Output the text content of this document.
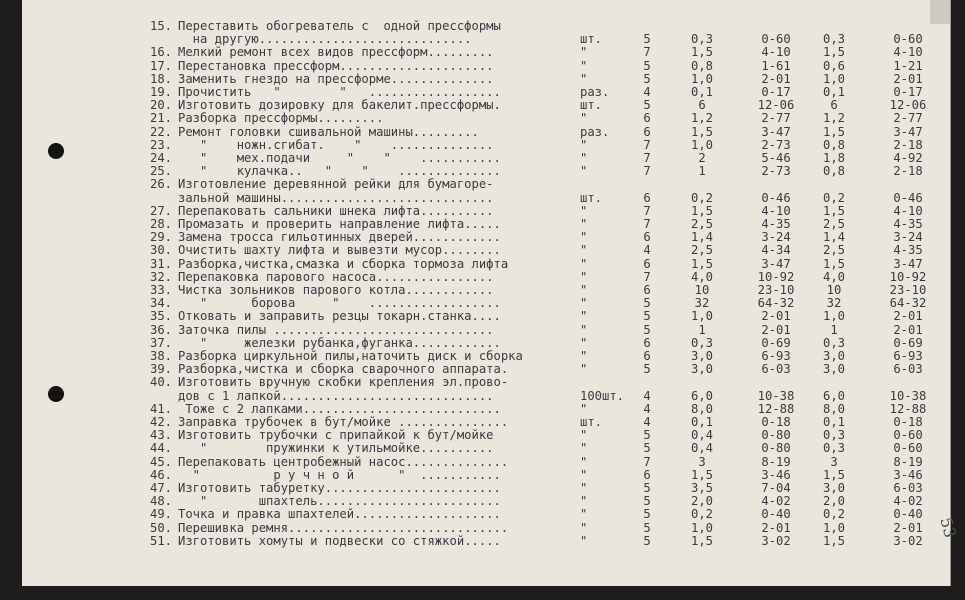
15. Переставить обогреватель с  одной прессформы
на другую.............................	шт.	5	0,3	0-60	0,3	0-60
16. Мелкий ремонт всех видов прессформ.........	"	7	1,5	4-10	1,5	4-10
17. Перестановка прессформ.....................	"	5	0,8	1-61	0,6	1-21
18. Заменить гнездо на прессформе..............	"	5	1,0	2-01	1,0	2-01
19. Прочистить   "        "   ..................	раз.	4	0,1	0-17	0,1	0-17
20. Изготовить дозировку для бакелит.прессформы.	шт.	5	6	12-06	6	12-06
21. Разборка прессформы.........	"	6	1,2	2-77	1,2	2-77
22. Ремонт головки сшивальной машины.........	раз.	6	1,5	3-47	1,5	3-47
23. "    ножн.сгибат.    "    ..............	"	7	1,0	2-73	0,8	2-18
24. "    мех.подачи     "    "    ...........	"	7	2	5-46	1,8	4-92
25. "    кулачка..   "    "    ..............	"	7	1	2-73	0,8	2-18
26. Изготовление деревянной рейки для бумагоре-
зальной машины.............................	шт.	6	0,2	0-46	0,2	0-46
27. Перепаковать сальники шнека лифта..........	"	7	1,5	4-10	1,5	4-10
28. Промазать и проверить направление лифта.....	"	7	2,5	4-35	2,5	4-35
29. Замена тросса гильотинных дверей............	"	6	1,4	3-24	1,4	3-24
30. Очистить шахту лифта и вывезти мусор........	"	4	2,5	4-34	2,5	4-35
31. Разборка,чистка,смазка и сборка тормоза лифта	"	6	1,5	3-47	1,5	3-47
32. Перепаковка парового насоса................	"	7	4,0	10-92	4,0	10-92
33. Чистка зольников парового котла............	"	6	10	23-10	10	23-10
34. "      борова     "    ..................	"	5	32	64-32	32	64-32
35. Отковать и заправить резцы токарн.станка....	"	5	1,0	2-01	1,0	2-01
36. Заточка пилы ..............................	"	5	1	2-01	1	2-01
37. "     железки рубанка,фуганка............	"	6	0,3	0-69	0,3	0-69
38. Разборка циркульной пилы,наточить диск и сборка	"	6	3,0	6-93	3,0	6-93
39. Разборка,чистка и сборка сварочного аппарата.	"	5	3,0	6-03	3,0	6-03
40. Изготовить вручную скобки крепления эл.прово-
дов с 1 лапкой.............................	100шт. 4	6,0	10-38	6,0	10-38
41. Тоже с 2 лапками...........................	"	4	8,0	12-88	8,0	12-88
42. Заправка трубочек в бут/мойке ...............	шт.	4	0,1	0-18	0,1	0-18
43. Изготовить трубочки с припайкой к бут/мойке	"	5	0,4	0-80	0,3	0-60
44. "        пружинки к утильмойке..........	"	5	0,4	0-80	0,3	0-60
45. Перепаковать центробежный насос..............	"	7	3	8-19	3	8-19
46. "          р у ч н о й      "  ...........	"	6	1,5	3-46	1,5	3-46
47. Изготовить табуретку........................	"	5	3,5	7-04	3,0	6-03
48. "       шпахтель.........................	"	5	2,0	4-02	2,0	4-02
49. Точка и правка шпахтелей....................	"	5	0,2	0-40	0,2	0-40
50. Перешивка ремня..............................	"	5	1,0	2-01	1,0	2-01
51. Изготовить хомуты и подвески со стяжкой.....	"	5	1,5	3-02	1,5	3-02
53
